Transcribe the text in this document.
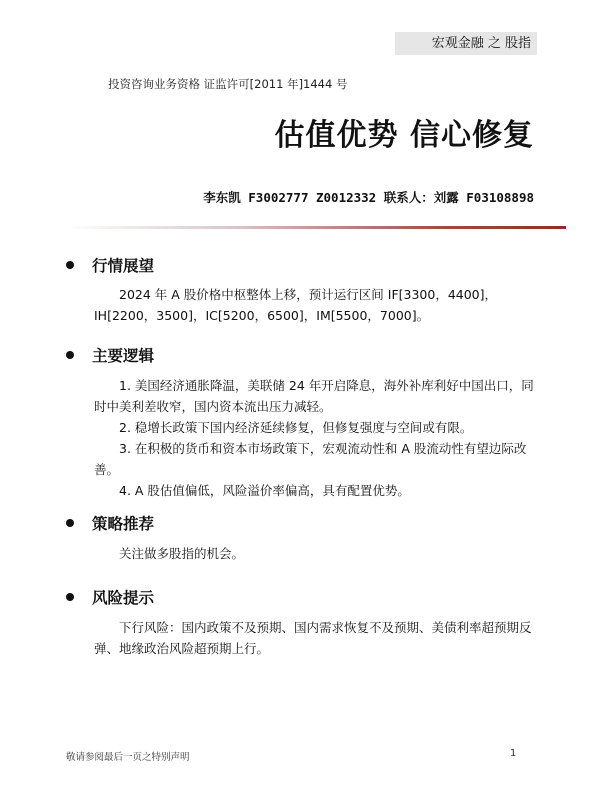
宏观金融 之 股指
投资咨询业务资格 证监许可[2011 年]1444 号
估值优势 信心修复
李东凯 F3002777 Z0012332 联系人：刘露 F03108898
行情展望

2024 年 A 股价格中枢整体上移，预计运行区间 IF[3300，4400]，IH[2200，3500]，IC[5200，6500]，IM[5500，7000]。

主要逻辑

1. 美国经济通胀降温，美联储 24 年开启降息，海外补库利好中国出口，同时中美利差收窄，国内资本流出压力减轻。

2. 稳增长政策下国内经济延续修复，但修复强度与空间或有限。

3. 在积极的货币和资本市场政策下，宏观流动性和 A 股流动性有望边际改善。

4. A 股估值偏低，风险溢价率偏高，具有配置优势。

策略推荐

关注做多股指的机会。

风险提示

下行风险：国内政策不及预期、国内需求恢复不及预期、美债利率超预期反弹、地缘政治风险超预期上行。

敬请参阅最后一页之特别声明	1
